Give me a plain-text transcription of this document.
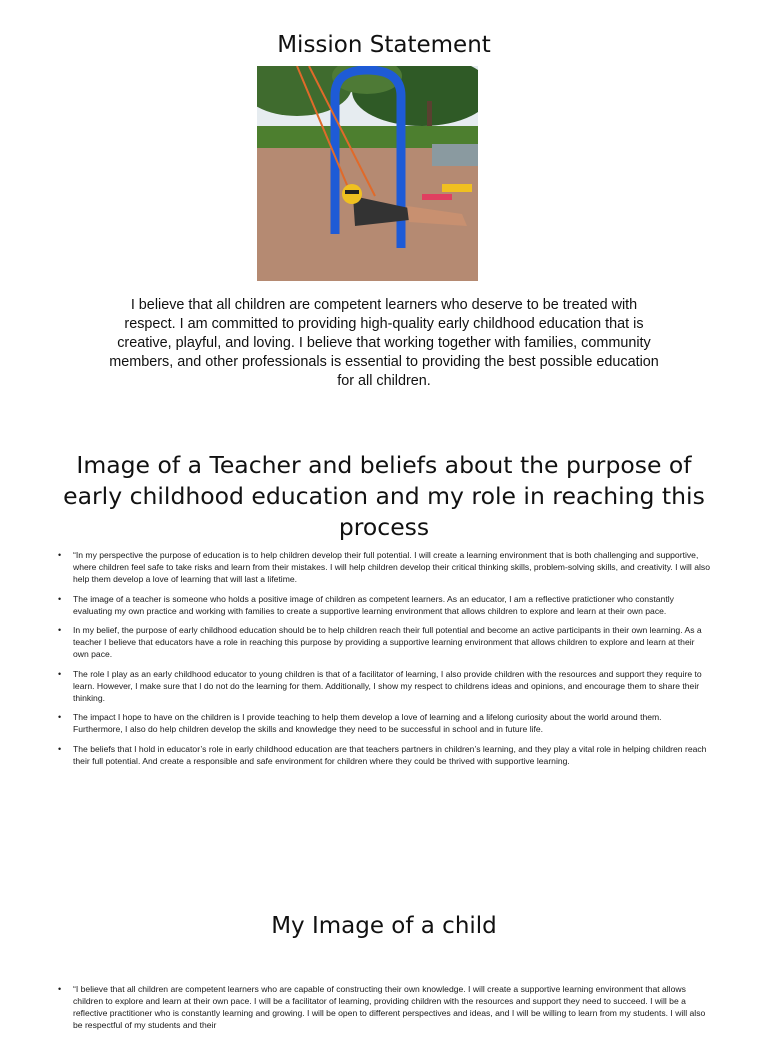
Mission Statement
I believe that all children are competent learners who deserve to be treated with respect. I am committed to providing high-quality early childhood education that is creative, playful, and loving. I believe that working together with families, community members, and other professionals is essential to providing the best possible education for all children.
Image of a Teacher and beliefs about the purpose of early childhood education and my role in reaching this process
• “In my perspective the purpose of education is to help children develop their full potential. I will create a learning environment that is both challenging and supportive, where children feel safe to take risks and learn from their mistakes. I will help children develop their critical thinking skills, problem-solving skills, and creativity. I will also help them develop a love of learning that will last a lifetime.
• The image of a teacher is someone who holds a positive image of children as competent learners. As an educator, I am a reflective pratictioner who constantly evaluating my own practice and working with families to create a supportive learning environment that allows children to explore and learn at their own pace.
• In my belief, the purpose of early childhood education should be to help children reach their full potential and become an active participants in their own learning. As a teacher I believe that educators have a role in reaching this purpose by providing a supportive learning environment that allows children to explore and learn at their own pace.
• The role I play as an early childhood educator to young children is that of a facilitator of learning, I also provide children with the resources and support they require to learn. However, I make sure that I do not do the learning for them. Additionally, I show my respect to childrens ideas and opinions, and encourage them to share their thinking.
• The impact I hope to have on the children is I provide teaching to help them develop a love of learning and a lifelong curiosity about the world around them. Furthermore, I also do help children develop the skills and knowledge they need to be successful in school and in future life.
• The beliefs that I hold in educator’s role in early childhood education are that teachers partners in children’s learning, and they play a vital role in helping children reach their full potential. And create a responsible and safe environment for children where they could be thrived with supportive learning.
My Image of a child
• “I believe that all children are competent learners who are capable of constructing their own knowledge. I will create a supportive learning environment that allows children to explore and learn at their own pace. I will be a facilitator of learning, providing children with the resources and support they need to succeed. I will be a reflective practitioner who is constantly learning and growing. I will be open to different perspectives and ideas, and I will be willing to learn from my students. I will also be respectful of my students and their
